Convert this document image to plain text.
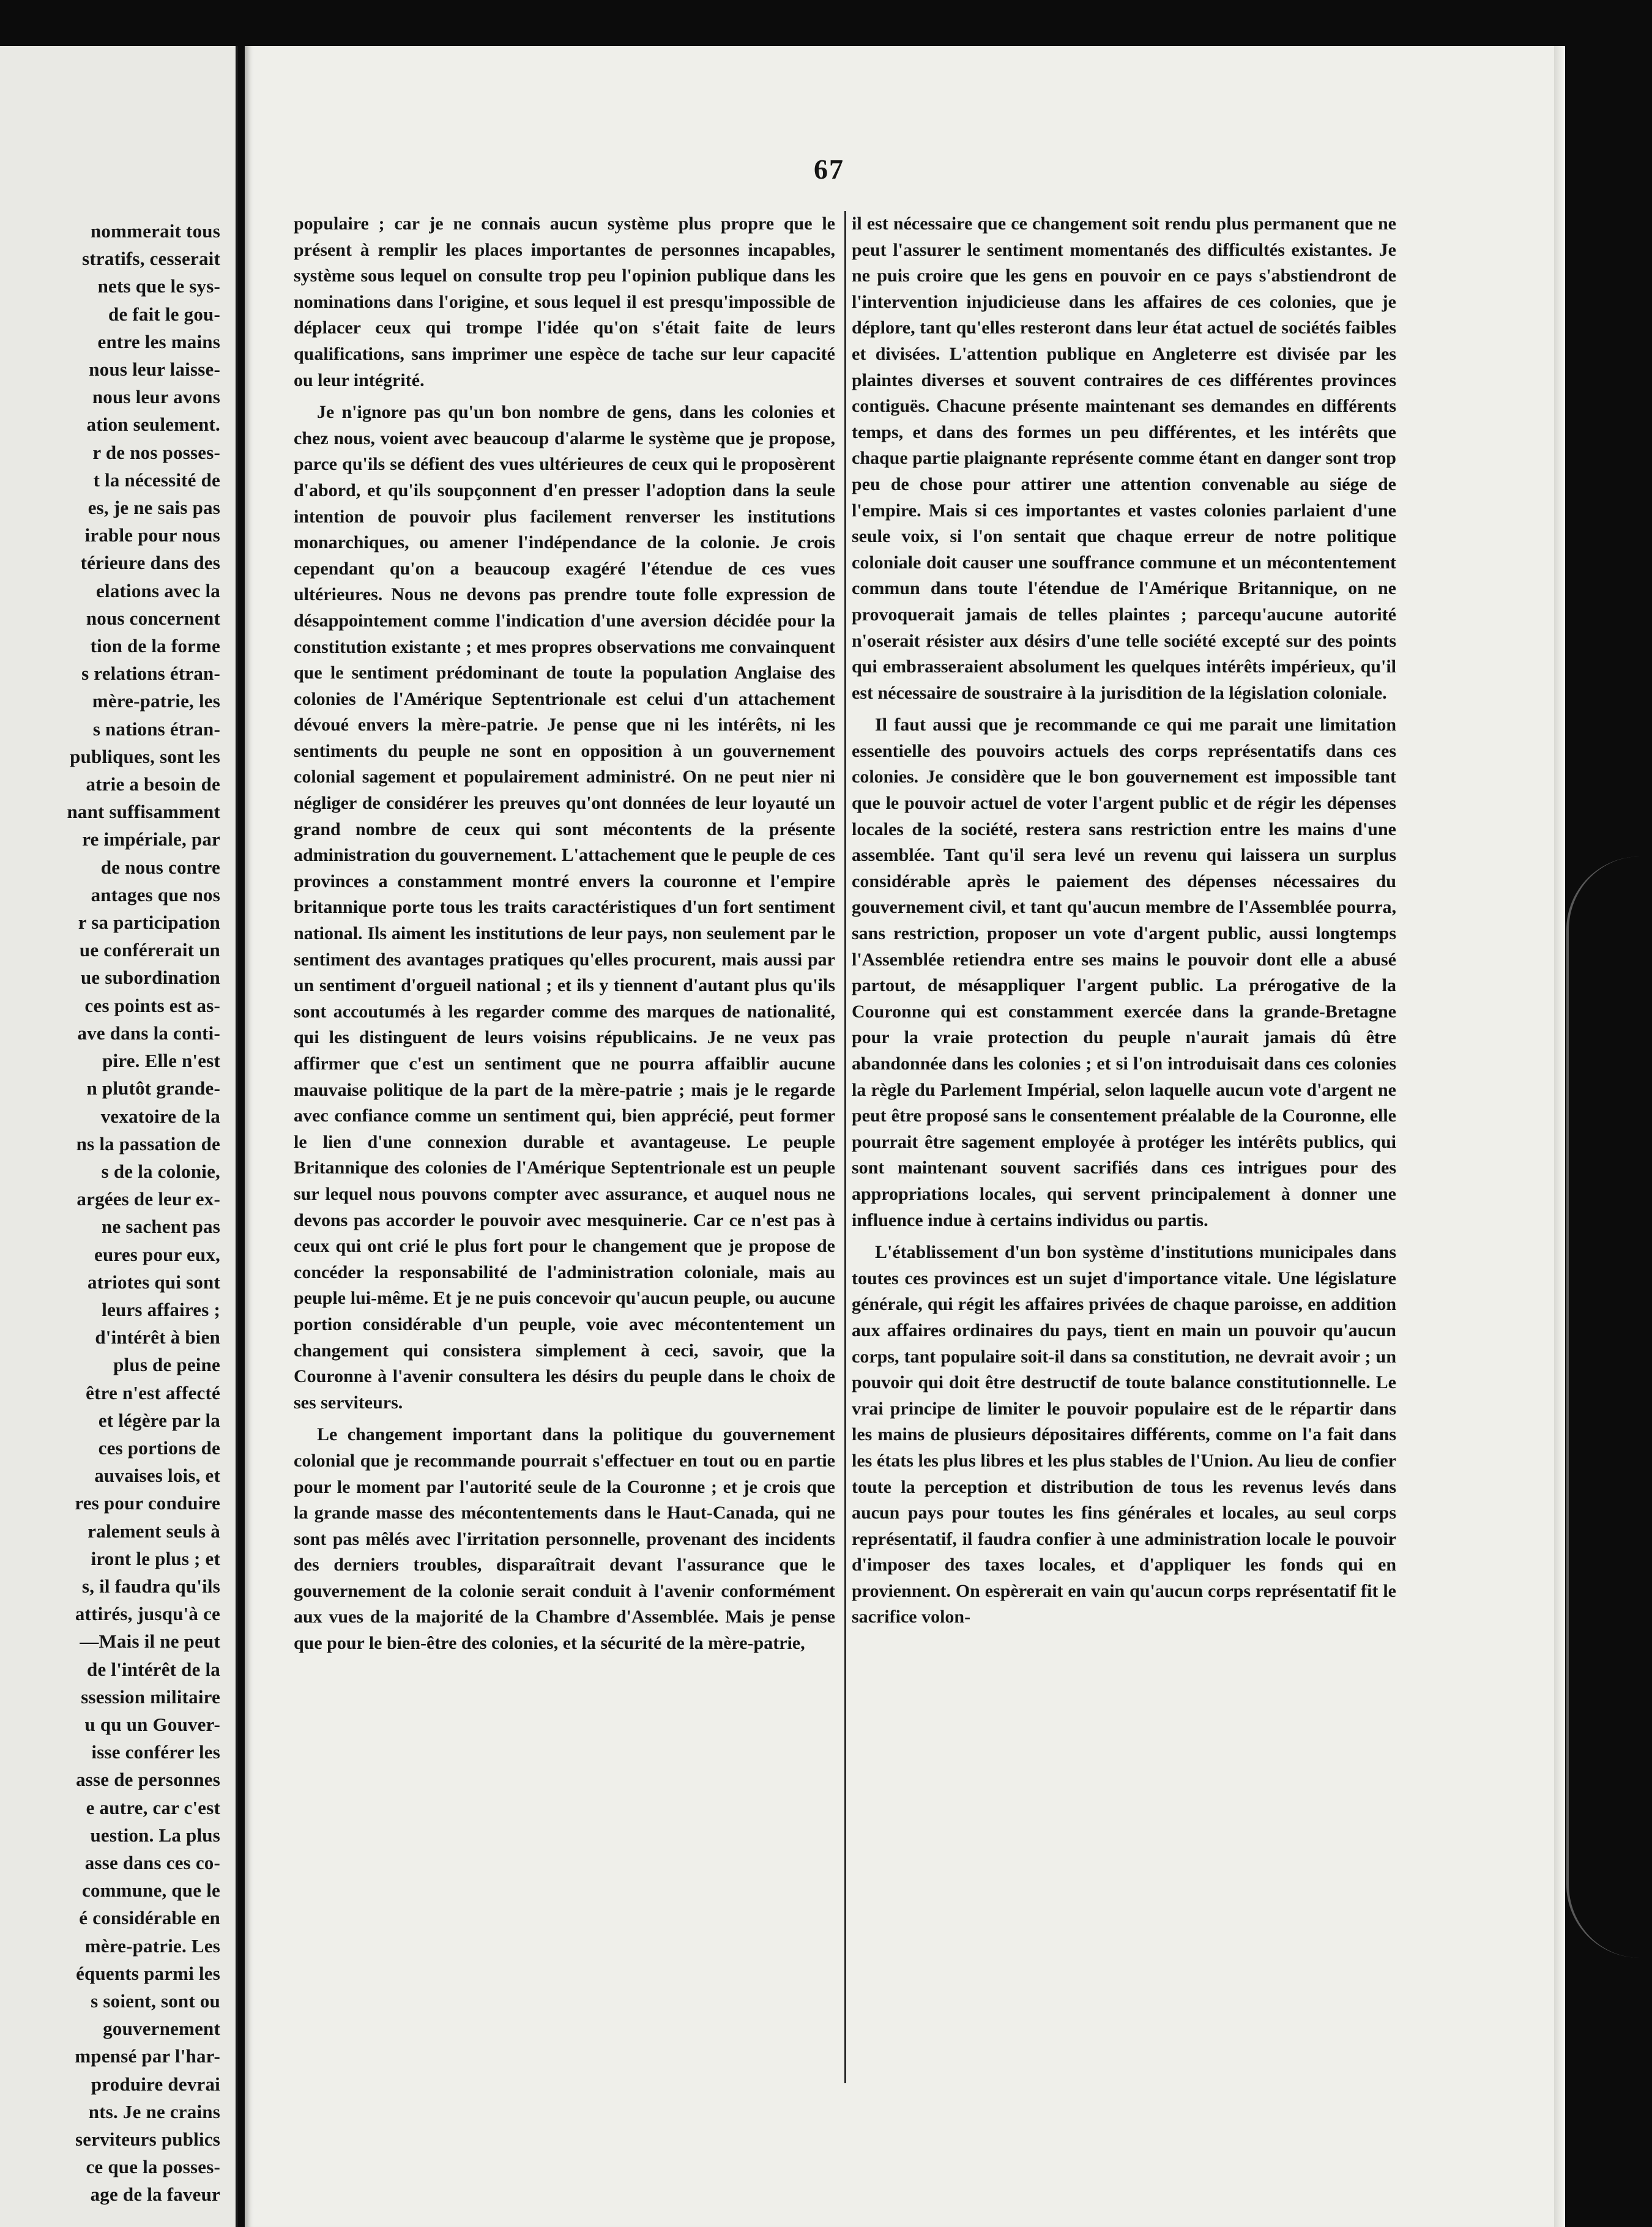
nommerait tous

stratifs, cesserait

nets que le sys-

de fait le gou-

entre les mains

nous leur laisse-

nous leur avons

ation seulement.

r de nos posses-

t la nécessité de

es, je ne sais pas

irable pour nous

térieure dans des

elations avec la

nous concernent

tion de la forme

s relations étran-

mère-patrie, les

s nations étran-

publiques, sont les

atrie a besoin de

nant suffisamment

re impériale, par

de nous contre

antages que nos

r sa participation

ue conférerait un

ue subordination

ces points est as-

ave dans la conti-

pire. Elle n'est

n plutôt grande-

vexatoire de la

ns la passation de

s de la colonie,

argées de leur ex-

ne sachent pas

eures pour eux,

atriotes qui sont

leurs affaires ;

d'intérêt à bien

plus de peine

être n'est affecté

et légère par la

ces portions de

auvaises lois, et

res pour conduire

ralement seuls à

iront le plus ; et

s, il faudra qu'ils

attirés, jusqu'à ce

—Mais il ne peut

de l'intérêt de la

ssession militaire

u qu un Gouver-

isse conférer les

asse de personnes

e autre, car c'est

uestion. La plus

asse dans ces co-

commune, que le

é considérable en

mère-patrie. Les

équents parmi les

s soient, sont ou

gouvernement

mpensé par l'har-

produire devrai

nts. Je ne crains

serviteurs publics

ce que la posses-

age de la faveur

67

populaire ; car je ne connais aucun système plus propre que le présent à remplir les places importantes de personnes incapables, système sous lequel on consulte trop peu l'opinion publique dans les nominations dans l'origine, et sous lequel il est presqu'impossible de déplacer ceux qui trompe l'idée qu'on s'était faite de leurs qualifications, sans imprimer une espèce de tache sur leur capacité ou leur intégrité.

Je n'ignore pas qu'un bon nombre de gens, dans les colonies et chez nous, voient avec beaucoup d'alarme le système que je propose, parce qu'ils se défient des vues ultérieures de ceux qui le proposèrent d'abord, et qu'ils soupçonnent d'en presser l'adoption dans la seule intention de pouvoir plus facilement renverser les institutions monarchiques, ou amener l'indépendance de la colonie. Je crois cependant qu'on a beaucoup exagéré l'étendue de ces vues ultérieures. Nous ne devons pas prendre toute folle expression de désappointement comme l'indication d'une aversion décidée pour la constitution existante ; et mes propres observations me convainquent que le sentiment prédominant de toute la population Anglaise des colonies de l'Amérique Septentrionale est celui d'un attachement dévoué envers la mère-patrie. Je pense que ni les intérêts, ni les sentiments du peuple ne sont en opposition à un gouvernement colonial sagement et populairement administré. On ne peut nier ni négliger de considérer les preuves qu'ont données de leur loyauté un grand nombre de ceux qui sont mécontents de la présente administration du gouvernement. L'attachement que le peuple de ces provinces a constamment montré envers la couronne et l'empire britannique porte tous les traits caractéristiques d'un fort sentiment national. Ils aiment les institutions de leur pays, non seulement par le sentiment des avantages pratiques qu'elles procurent, mais aussi par un sentiment d'orgueil national ; et ils y tiennent d'autant plus qu'ils sont accoutumés à les regarder comme des marques de nationalité, qui les distinguent de leurs voisins républicains. Je ne veux pas affirmer que c'est un sentiment que ne pourra affaiblir aucune mauvaise politique de la part de la mère-patrie ; mais je le regarde avec confiance comme un sentiment qui, bien apprécié, peut former le lien d'une connexion durable et avantageuse. Le peuple Britannique des colonies de l'Amérique Septentrionale est un peuple sur lequel nous pouvons compter avec assurance, et auquel nous ne devons pas accorder le pouvoir avec mesquinerie. Car ce n'est pas à ceux qui ont crié le plus fort pour le changement que je propose de concéder la responsabilité de l'administration coloniale, mais au peuple lui-même. Et je ne puis concevoir qu'aucun peuple, ou aucune portion considérable d'un peuple, voie avec mécontentement un changement qui consistera simplement à ceci, savoir, que la Couronne à l'avenir consultera les désirs du peuple dans le choix de ses serviteurs.

Le changement important dans la politique du gouvernement colonial que je recommande pourrait s'effectuer en tout ou en partie pour le moment par l'autorité seule de la Couronne ; et je crois que la grande masse des mécontentements dans le Haut-Canada, qui ne sont pas mêlés avec l'irritation personnelle, provenant des incidents des derniers troubles, disparaîtrait devant l'assurance que le gouvernement de la colonie serait conduit à l'avenir conformément aux vues de la majorité de la Chambre d'Assemblée. Mais je pense que pour le bien-être des colonies, et la sécurité de la mère-patrie,

il est nécessaire que ce changement soit rendu plus permanent que ne peut l'assurer le sentiment momentanés des difficultés existantes. Je ne puis croire que les gens en pouvoir en ce pays s'abstiendront de l'intervention injudicieuse dans les affaires de ces colonies, que je déplore, tant qu'elles resteront dans leur état actuel de sociétés faibles et divisées. L'attention publique en Angleterre est divisée par les plaintes diverses et souvent contraires de ces différentes provinces contiguës. Chacune présente maintenant ses demandes en différents temps, et dans des formes un peu différentes, et les intérêts que chaque partie plaignante représente comme étant en danger sont trop peu de chose pour attirer une attention convenable au siége de l'empire. Mais si ces importantes et vastes colonies parlaient d'une seule voix, si l'on sentait que chaque erreur de notre politique coloniale doit causer une souffrance commune et un mécontentement commun dans toute l'étendue de l'Amérique Britannique, on ne provoquerait jamais de telles plaintes ; parcequ'aucune autorité n'oserait résister aux désirs d'une telle société excepté sur des points qui embrasseraient absolument les quelques intérêts impérieux, qu'il est nécessaire de soustraire à la jurisdition de la législation coloniale.

Il faut aussi que je recommande ce qui me parait une limitation essentielle des pouvoirs actuels des corps représentatifs dans ces colonies. Je considère que le bon gouvernement est impossible tant que le pouvoir actuel de voter l'argent public et de régir les dépenses locales de la société, restera sans restriction entre les mains d'une assemblée. Tant qu'il sera levé un revenu qui laissera un surplus considérable après le paiement des dépenses nécessaires du gouvernement civil, et tant qu'aucun membre de l'Assemblée pourra, sans restriction, proposer un vote d'argent public, aussi longtemps l'Assemblée retiendra entre ses mains le pouvoir dont elle a abusé partout, de mésappliquer l'argent public. La prérogative de la Couronne qui est constamment exercée dans la grande-Bretagne pour la vraie protection du peuple n'aurait jamais dû être abandonnée dans les colonies ; et si l'on introduisait dans ces colonies la règle du Parlement Impérial, selon laquelle aucun vote d'argent ne peut être proposé sans le consentement préalable de la Couronne, elle pourrait être sagement employée à protéger les intérêts publics, qui sont maintenant souvent sacrifiés dans ces intrigues pour des appropriations locales, qui servent principalement à donner une influence indue à certains individus ou partis.

L'établissement d'un bon système d'institutions municipales dans toutes ces provinces est un sujet d'importance vitale. Une législature générale, qui régit les affaires privées de chaque paroisse, en addition aux affaires ordinaires du pays, tient en main un pouvoir qu'aucun corps, tant populaire soit-il dans sa constitution, ne devrait avoir ; un pouvoir qui doit être destructif de toute balance constitutionnelle. Le vrai principe de limiter le pouvoir populaire est de le répartir dans les mains de plusieurs dépositaires différents, comme on l'a fait dans les états les plus libres et les plus stables de l'Union. Au lieu de confier toute la perception et distribution de tous les revenus levés dans aucun pays pour toutes les fins générales et locales, au seul corps représentatif, il faudra confier à une administration locale le pouvoir d'imposer des taxes locales, et d'appliquer les fonds qui en proviennent. On espèrerait en vain qu'aucun corps représentatif fit le sacrifice volon-
